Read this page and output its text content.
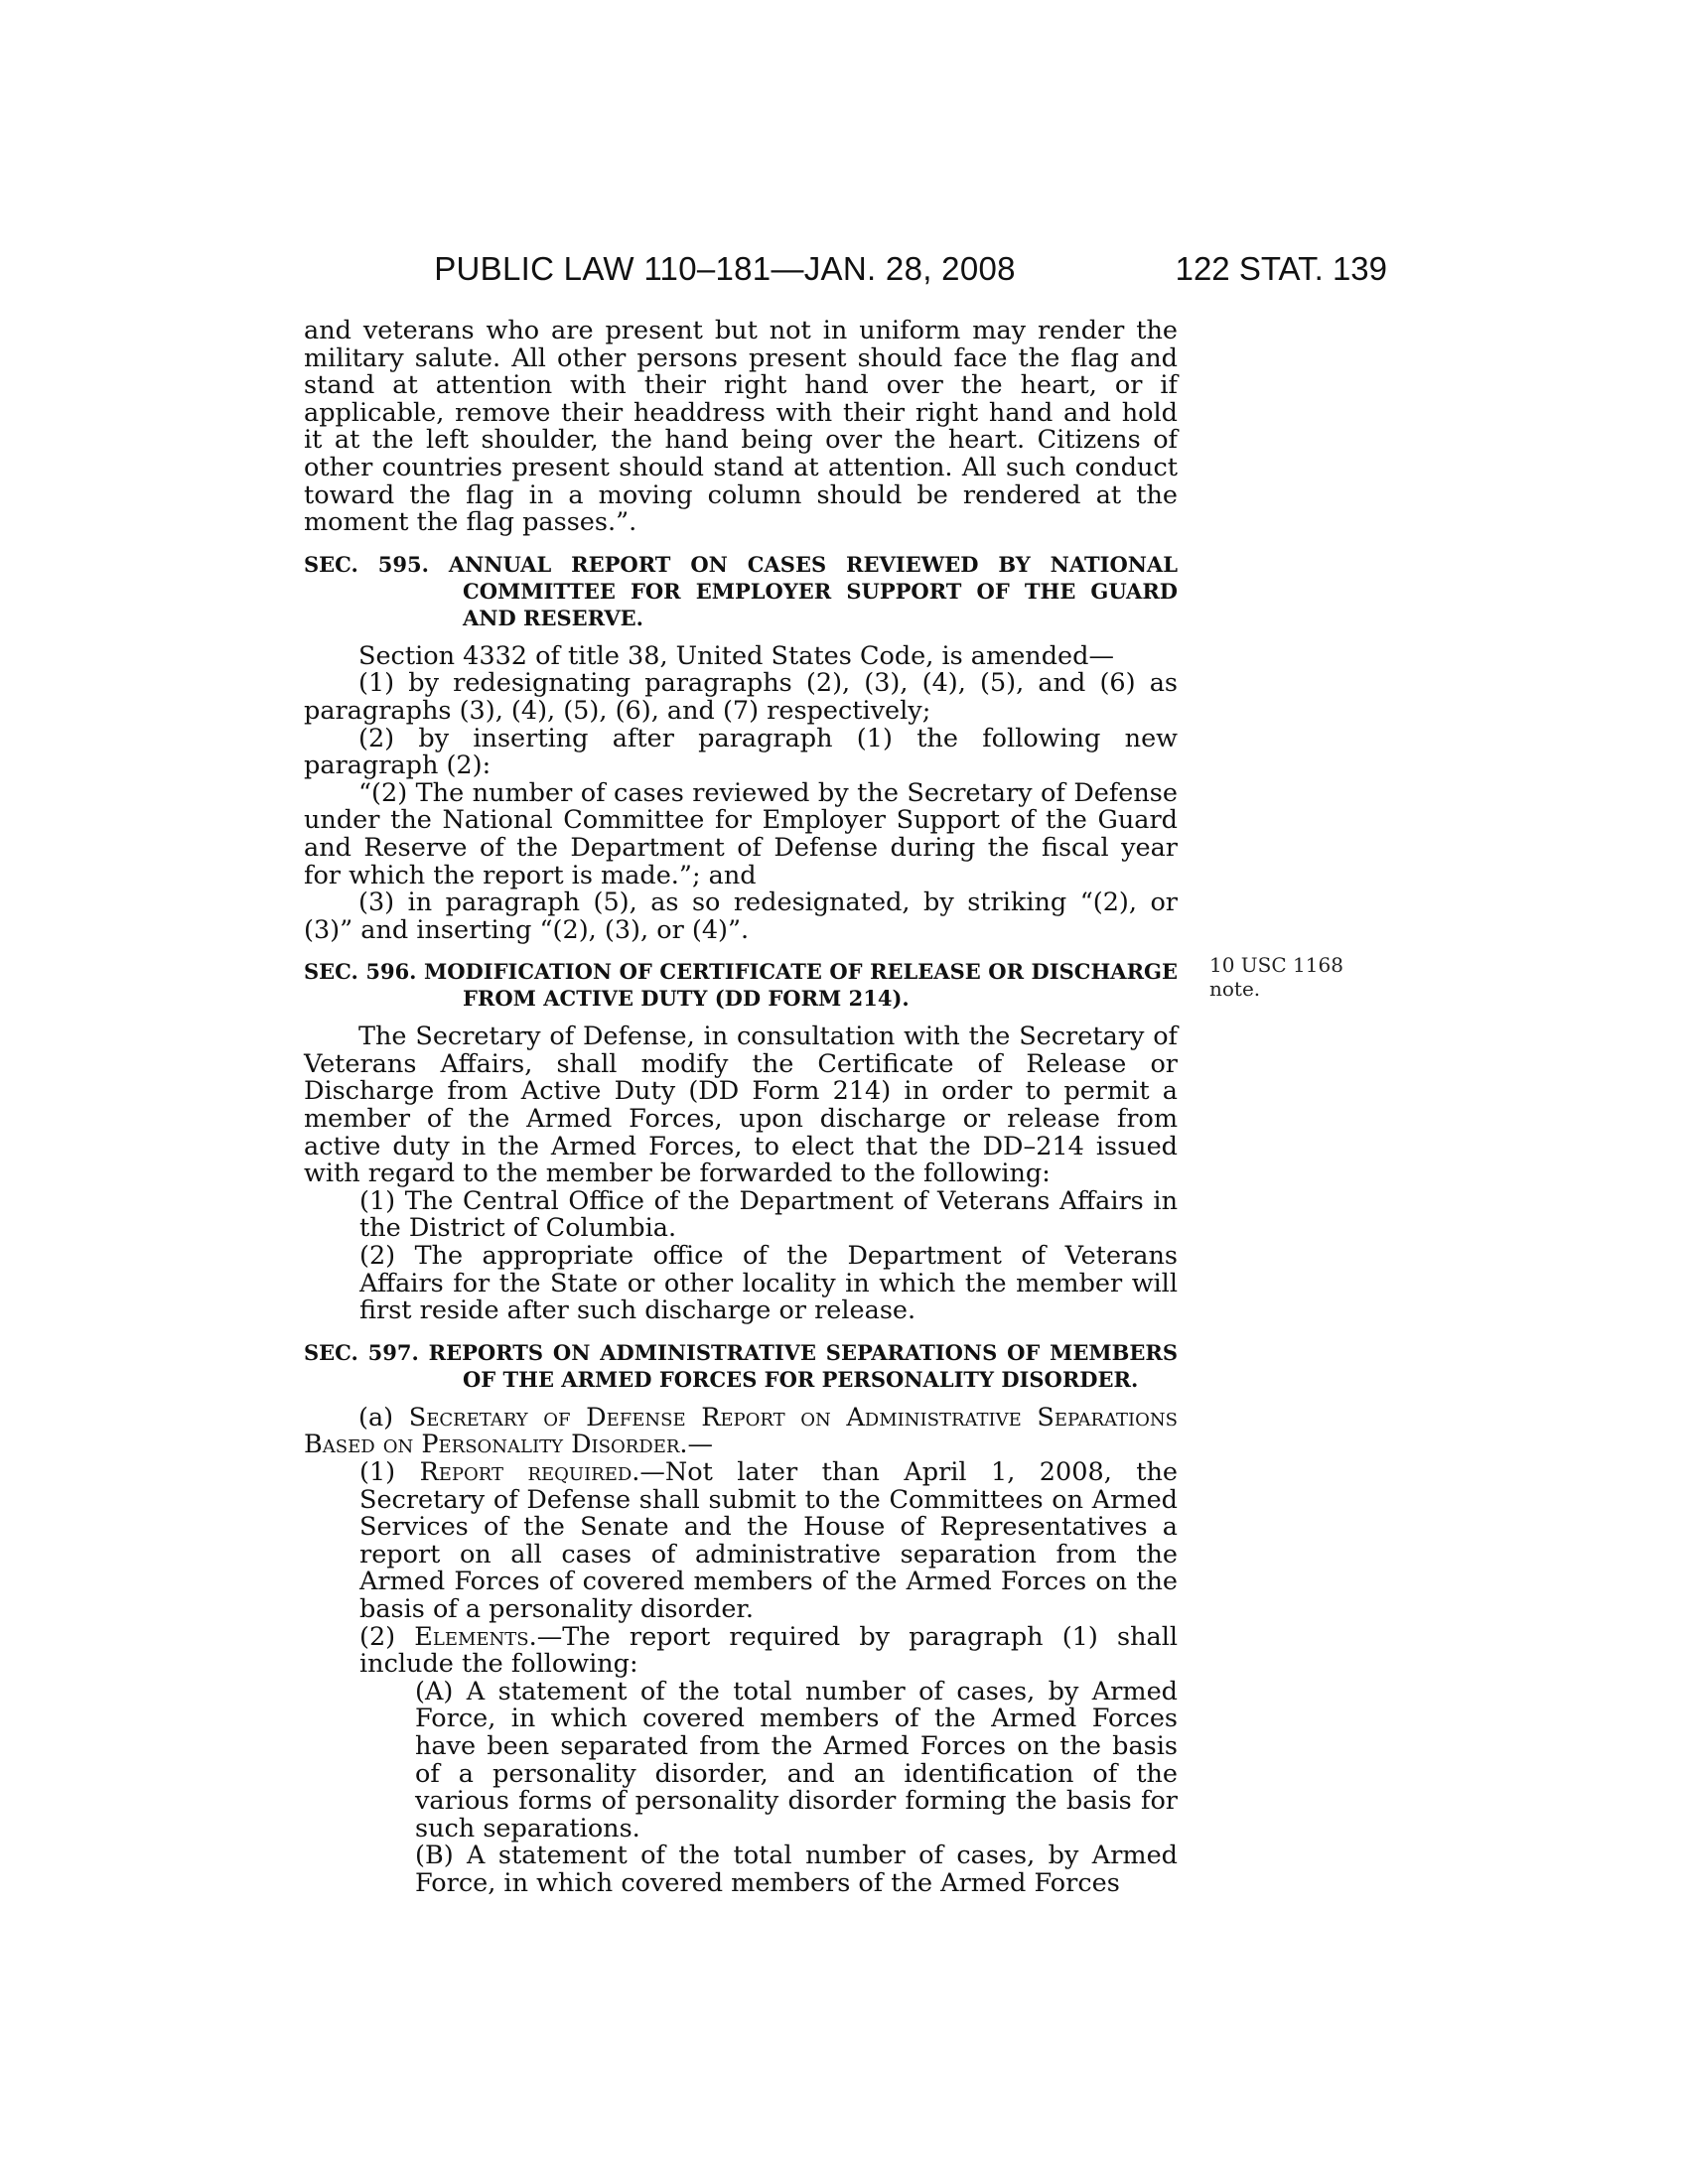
PUBLIC LAW 110–181—JAN. 28, 2008	122 STAT. 139
10 USC 1168
note.

and veterans who are present but not in uniform may render the military salute. All other persons present should face the flag and stand at attention with their right hand over the heart, or if applicable, remove their headdress with their right hand and hold it at the left shoulder, the hand being over the heart. Citizens of other countries present should stand at attention. All such conduct toward the flag in a moving column should be rendered at the moment the flag passes.”.

SEC. 595. ANNUAL REPORT ON CASES REVIEWED BY NATIONAL COMMITTEE FOR EMPLOYER SUPPORT OF THE GUARD AND RESERVE.

Section 4332 of title 38, United States Code, is amended—

(1) by redesignating paragraphs (2), (3), (4), (5), and (6) as paragraphs (3), (4), (5), (6), and (7) respectively;

(2) by inserting after paragraph (1) the following new paragraph (2):

“(2) The number of cases reviewed by the Secretary of Defense under the National Committee for Employer Support of the Guard and Reserve of the Department of Defense during the fiscal year for which the report is made.”; and

(3) in paragraph (5), as so redesignated, by striking “(2), or (3)” and inserting “(2), (3), or (4)”.

SEC. 596. MODIFICATION OF CERTIFICATE OF RELEASE OR DISCHARGE FROM ACTIVE DUTY (DD FORM 214).

The Secretary of Defense, in consultation with the Secretary of Veterans Affairs, shall modify the Certificate of Release or Discharge from Active Duty (DD Form 214) in order to permit a member of the Armed Forces, upon discharge or release from active duty in the Armed Forces, to elect that the DD–214 issued with regard to the member be forwarded to the following:

(1) The Central Office of the Department of Veterans Affairs in the District of Columbia.

(2) The appropriate office of the Department of Veterans Affairs for the State or other locality in which the member will first reside after such discharge or release.

SEC. 597. REPORTS ON ADMINISTRATIVE SEPARATIONS OF MEMBERS OF THE ARMED FORCES FOR PERSONALITY DISORDER.

(a) Secretary of Defense Report on Administrative Separations Based on Personality Disorder.—

(1) Report required.—Not later than April 1, 2008, the Secretary of Defense shall submit to the Committees on Armed Services of the Senate and the House of Representatives a report on all cases of administrative separation from the Armed Forces of covered members of the Armed Forces on the basis of a personality disorder.

(2) Elements.—The report required by paragraph (1) shall include the following:

(A) A statement of the total number of cases, by Armed Force, in which covered members of the Armed Forces have been separated from the Armed Forces on the basis of a personality disorder, and an identification of the various forms of personality disorder forming the basis for such separations.

(B) A statement of the total number of cases, by Armed Force, in which covered members of the Armed Forces
